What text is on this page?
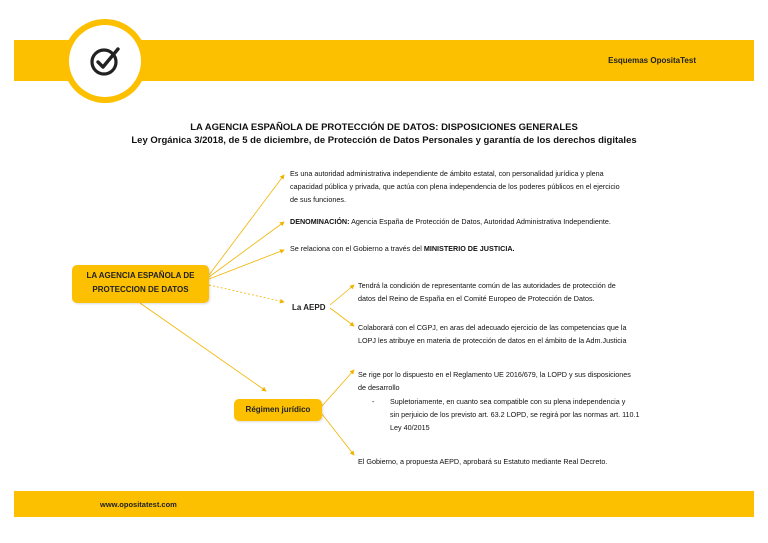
Esquemas OpositaTest
LA AGENCIA ESPAÑOLA DE PROTECCIÓN DE DATOS: DISPOSICIONES GENERALES
Ley Orgánica 3/2018, de 5 de diciembre, de Protección de Datos Personales y garantía de los derechos digitales
LA AGENCIA ESPAÑOLA DE
PROTECCION DE DATOS
Es una autoridad administrativa independiente de ámbito estatal, con personalidad jurídica y plena
capacidad pública y privada, que actúa con plena independencia de los poderes públicos en el ejercicio
de sus funciones.
DENOMINACIÓN: Agencia España de Protección de Datos, Autoridad Administrativa Independiente.
Se relaciona con el Gobierno a través del MINISTERIO DE JUSTICIA.
La AEPD
Tendrá la condición de representante común de las autoridades de protección de
datos del Reino de España en el Comité Europeo de Protección de Datos.
Colaborará con el CGPJ, en aras del adecuado ejercicio de las competencias que la
LOPJ les atribuye en materia de protección de datos en el ámbito de la Adm.Justicia
Régimen jurídico
Se rige por lo dispuesto en el Reglamento UE 2016/679, la LOPD y sus disposiciones
de desarrollo
-	Supletoriamente, en cuanto sea compatible con su plena independencia y
sin perjuicio de los previsto art. 63.2 LOPD, se regirá por las normas art. 110.1
Ley 40/2015
El Gobierno, a propuesta AEPD, aprobará su Estatuto mediante Real Decreto.
www.opositatest.com
